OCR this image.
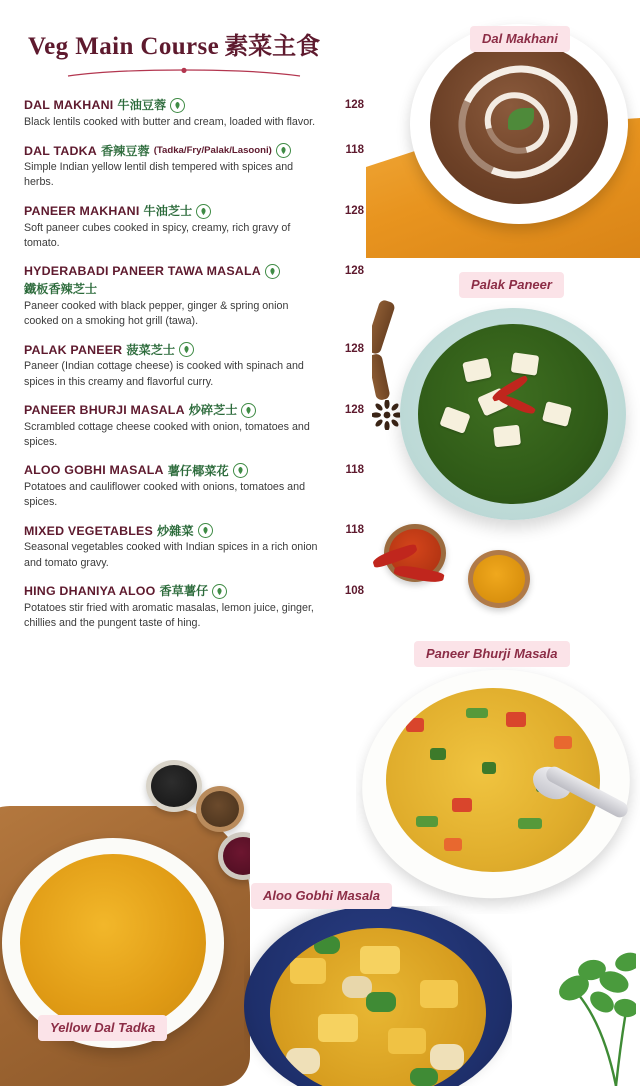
Dal Makhani
Palak Paneer
Paneer Bhurji Masala
Aloo Gobhi Masala
Yellow Dal Tadka
Veg Main Course 素菜主食
DAL MAKHANI 牛油豆蓉
Black lentils cooked with butter and cream, loaded with flavor.
128
DAL TADKA 香辣豆蓉 (Tadka/Fry/Palak/Lasooni)
Simple Indian yellow lentil dish tempered with spices and herbs.
118
PANEER MAKHANI 牛油芝士
Soft paneer cubes cooked in spicy, creamy, rich gravy of tomato.
128
HYDERABADI PANEER TAWA MASALA
鐵板香辣芝士
Paneer cooked with black pepper, ginger & spring onion cooked on a smoking hot grill (tawa).
128
PALAK PANEER 菠菜芝士
Paneer (Indian cottage cheese) is cooked with spinach and spices in this creamy and flavorful curry.
128
PANEER BHURJI MASALA 炒碎芝士
Scrambled cottage cheese cooked with onion, tomatoes and spices.
128
ALOO GOBHI MASALA 薯仔椰菜花
Potatoes and cauliflower cooked with onions, tomatoes and spices.
118
MIXED VEGETABLES 炒雜菜
Seasonal vegetables cooked with Indian spices in a rich onion and tomato gravy.
118
HING DHANIYA ALOO 香草薯仔
Potatoes stir fried with aromatic masalas, lemon juice, ginger, chillies and the pungent taste of hing.
108
